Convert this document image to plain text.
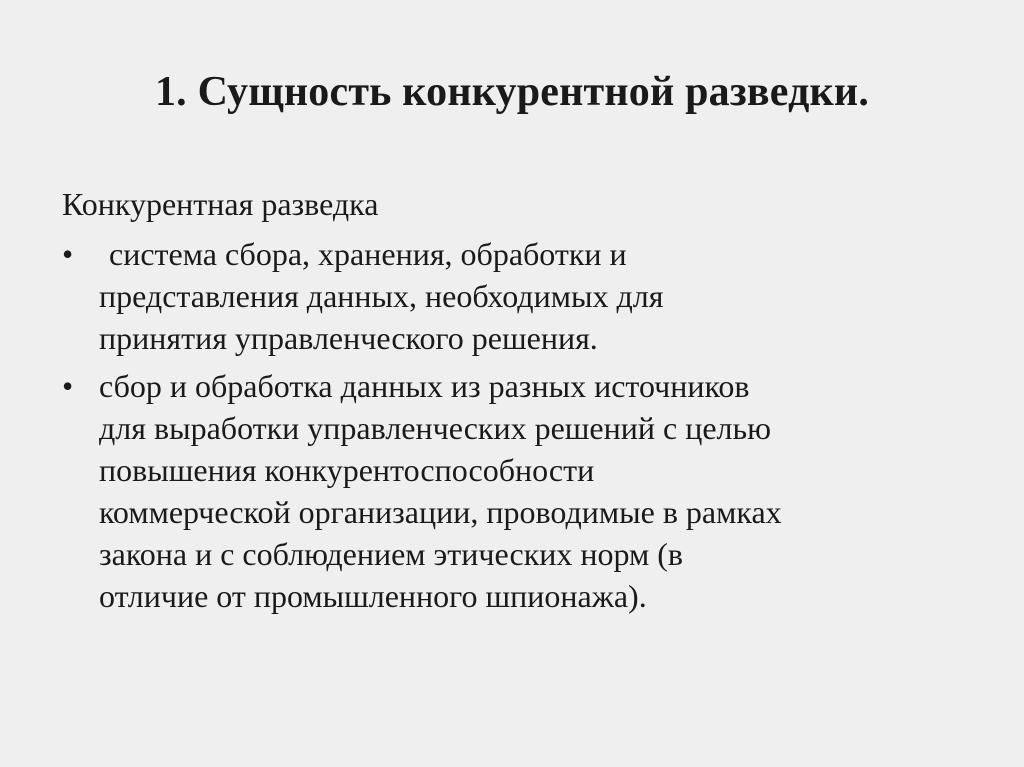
1. Сущность конкурентной разведки.
Конкурентная разведка
•	система сбора, хранения, обработки и
представления данных, необходимых для
принятия управленческого решения.
• сбор и обработка данных из разных источников
для выработки управленческих решений с целью
повышения конкурентоспособности
коммерческой организации, проводимые в рамках
закона и с соблюдением этических норм (в
отличие от промышленного шпионажа).
